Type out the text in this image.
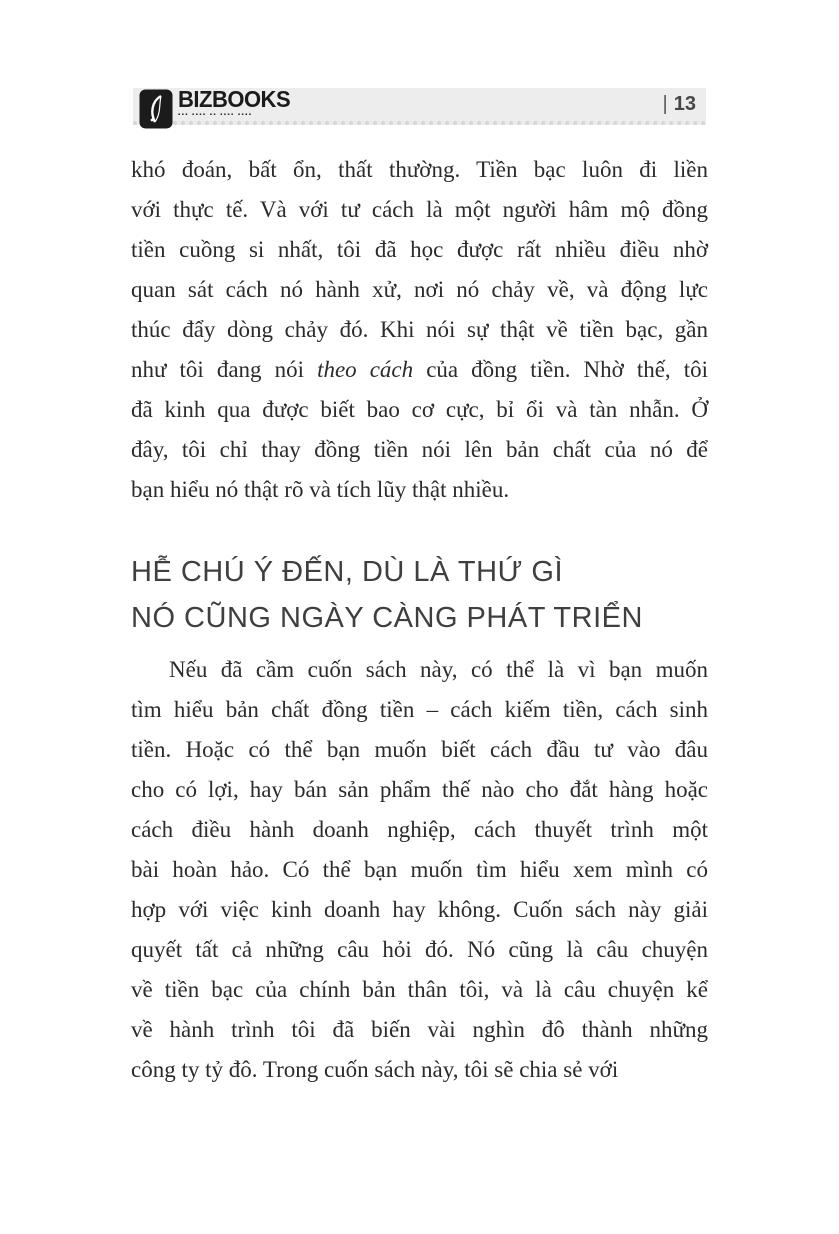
BIZBOOKS
▪▪▪ ▪▪▪▪ ▪▪ ▪▪▪▪ ▪▪▪▪	| 13
khó đoán, bất ổn, thất thường. Tiền bạc luôn đi liền
với thực tế. Và với tư cách là một người hâm mộ đồng
tiền cuồng si nhất, tôi đã học được rất nhiều điều nhờ
quan sát cách nó hành xử, nơi nó chảy về, và động lực
thúc đẩy dòng chảy đó. Khi nói sự thật về tiền bạc, gần
như tôi đang nói theo cách của đồng tiền. Nhờ thế, tôi
đã kinh qua được biết bao cơ cực, bỉ ổi và tàn nhẫn. Ở
đây, tôi chỉ thay đồng tiền nói lên bản chất của nó để
bạn hiểu nó thật rõ và tích lũy thật nhiều.
HỄ CHÚ Ý ĐẾN, DÙ LÀ THỨ GÌ
NÓ CŨNG NGÀY CÀNG PHÁT TRIỂN
Nếu đã cầm cuốn sách này, có thể là vì bạn muốn
tìm hiểu bản chất đồng tiền – cách kiếm tiền, cách sinh
tiền. Hoặc có thể bạn muốn biết cách đầu tư vào đâu
cho có lợi, hay bán sản phẩm thế nào cho đắt hàng hoặc
cách điều hành doanh nghiệp, cách thuyết trình một
bài hoàn hảo. Có thể bạn muốn tìm hiểu xem mình có
hợp với việc kinh doanh hay không. Cuốn sách này giải
quyết tất cả những câu hỏi đó. Nó cũng là câu chuyện
về tiền bạc của chính bản thân tôi, và là câu chuyện kể
về hành trình tôi đã biến vài nghìn đô thành những
công ty tỷ đô. Trong cuốn sách này, tôi sẽ chia sẻ với
